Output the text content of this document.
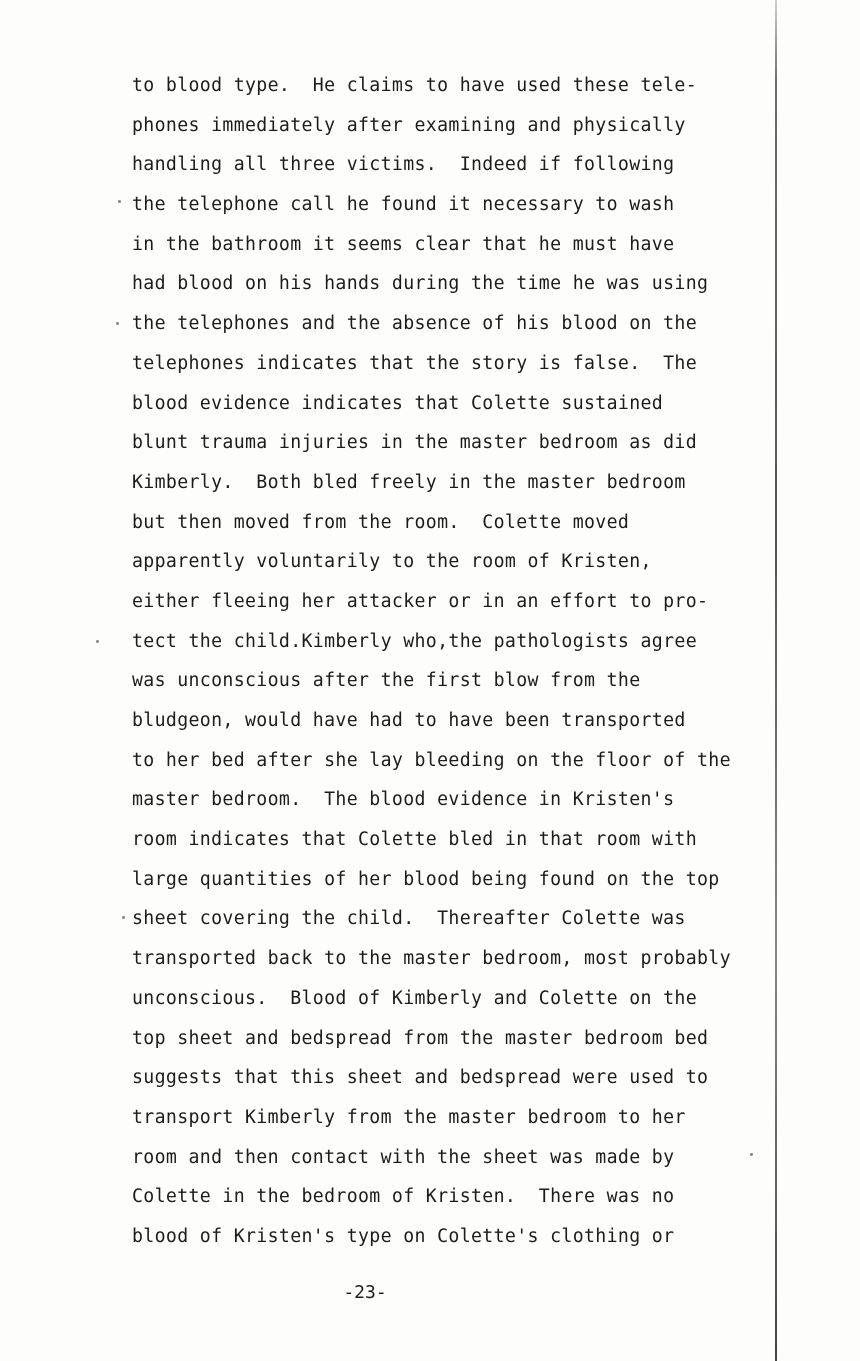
to blood type.  He claims to have used these tele-
phones immediately after examining and physically
handling all three victims.  Indeed if following
the telephone call he found it necessary to wash
in the bathroom it seems clear that he must have
had blood on his hands during the time he was using
the telephones and the absence of his blood on the
telephones indicates that the story is false.  The
blood evidence indicates that Colette sustained
blunt trauma injuries in the master bedroom as did
Kimberly.  Both bled freely in the master bedroom
but then moved from the room.  Colette moved
apparently voluntarily to the room of Kristen,
either fleeing her attacker or in an effort to pro-
tect the child.Kimberly who,the pathologists agree
was unconscious after the first blow from the
bludgeon, would have had to have been transported
to her bed after she lay bleeding on the floor of the
master bedroom.  The blood evidence in Kristen's
room indicates that Colette bled in that room with
large quantities of her blood being found on the top
sheet covering the child.  Thereafter Colette was
transported back to the master bedroom, most probably
unconscious.  Blood of Kimberly and Colette on the
top sheet and bedspread from the master bedroom bed
suggests that this sheet and bedspread were used to
transport Kimberly from the master bedroom to her
room and then contact with the sheet was made by
Colette in the bedroom of Kristen.  There was no
blood of Kristen's type on Colette's clothing or
-23-
